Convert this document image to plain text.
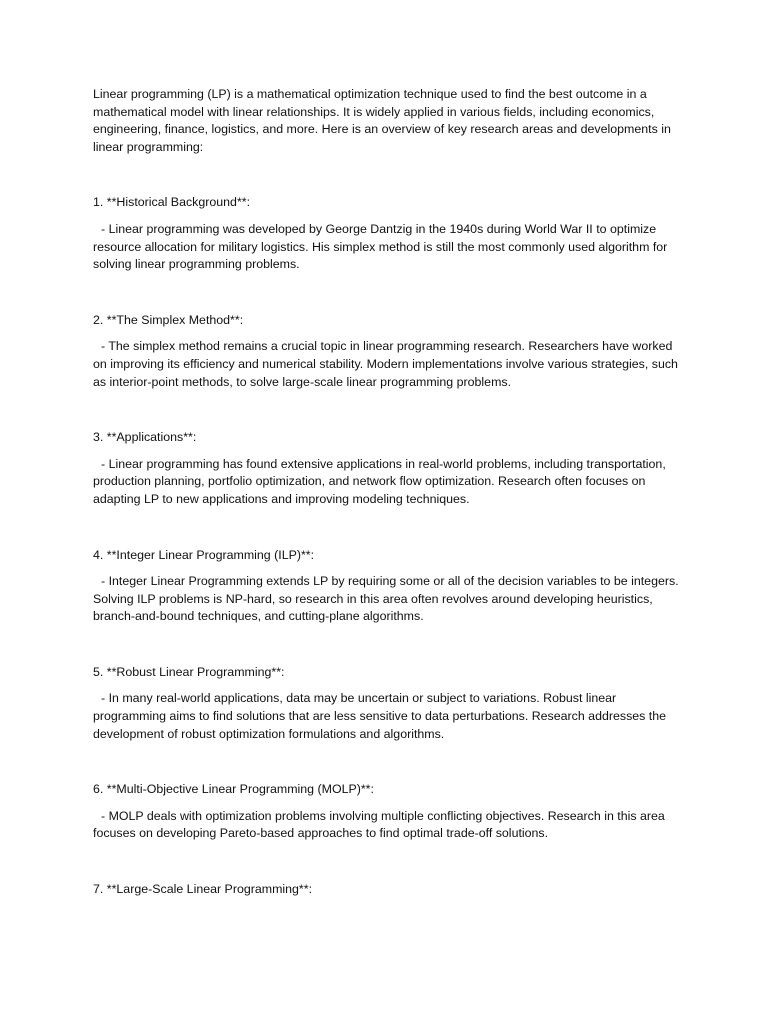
Linear programming (LP) is a mathematical optimization technique used to find the best outcome in a mathematical model with linear relationships. It is widely applied in various fields, including economics, engineering, finance, logistics, and more. Here is an overview of key research areas and developments in linear programming:

1. **Historical Background**:

- Linear programming was developed by George Dantzig in the 1940s during World War II to optimize resource allocation for military logistics. His simplex method is still the most commonly used algorithm for solving linear programming problems.

2. **The Simplex Method**:

- The simplex method remains a crucial topic in linear programming research. Researchers have worked on improving its efficiency and numerical stability. Modern implementations involve various strategies, such as interior-point methods, to solve large-scale linear programming problems.

3. **Applications**:

- Linear programming has found extensive applications in real-world problems, including transportation, production planning, portfolio optimization, and network flow optimization. Research often focuses on adapting LP to new applications and improving modeling techniques.

4. **Integer Linear Programming (ILP)**:

- Integer Linear Programming extends LP by requiring some or all of the decision variables to be integers. Solving ILP problems is NP-hard, so research in this area often revolves around developing heuristics, branch-and-bound techniques, and cutting-plane algorithms.

5. **Robust Linear Programming**:

- In many real-world applications, data may be uncertain or subject to variations. Robust linear programming aims to find solutions that are less sensitive to data perturbations. Research addresses the development of robust optimization formulations and algorithms.

6. **Multi-Objective Linear Programming (MOLP)**:

- MOLP deals with optimization problems involving multiple conflicting objectives. Research in this area focuses on developing Pareto-based approaches to find optimal trade-off solutions.

7. **Large-Scale Linear Programming**:
